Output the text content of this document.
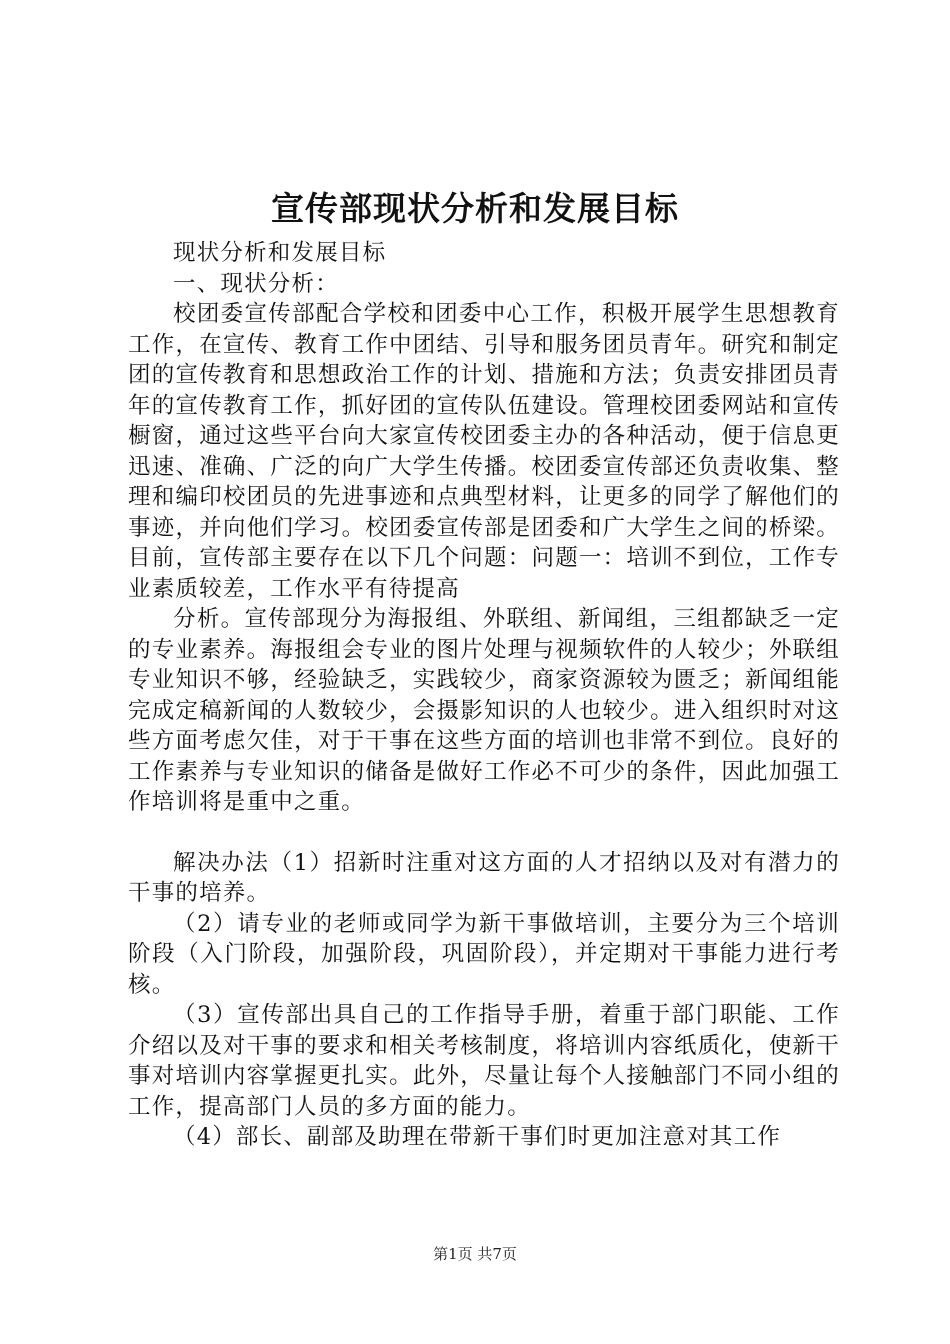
宣传部现状分析和发展目标

现状分析和发展目标

一、现状分析：

校团委宣传部配合学校和团委中心工作，积极开展学生思想教育工作，在宣传、教育工作中团结、引导和服务团员青年。研究和制定团的宣传教育和思想政治工作的计划、措施和方法；负责安排团员青年的宣传教育工作，抓好团的宣传队伍建设。管理校团委网站和宣传橱窗，通过这些平台向大家宣传校团委主办的各种活动，便于信息更迅速、准确、广泛的向广大学生传播。校团委宣传部还负责收集、整理和编印校团员的先进事迹和点典型材料，让更多的同学了解他们的事迹，并向他们学习。校团委宣传部是团委和广大学生之间的桥梁。目前，宣传部主要存在以下几个问题：问题一：培训不到位，工作专业素质较差，工作水平有待提高

分析。宣传部现分为海报组、外联组、新闻组，三组都缺乏一定的专业素养。海报组会专业的图片处理与视频软件的人较少；外联组专业知识不够，经验缺乏，实践较少，商家资源较为匮乏；新闻组能完成定稿新闻的人数较少，会摄影知识的人也较少。进入组织时对这些方面考虑欠佳，对于干事在这些方面的培训也非常不到位。良好的工作素养与专业知识的储备是做好工作必不可少的条件，因此加强工作培训将是重中之重。

解决办法（1）招新时注重对这方面的人才招纳以及对有潜力的干事的培养。

（2）请专业的老师或同学为新干事做培训，主要分为三个培训阶段（入门阶段，加强阶段，巩固阶段），并定期对干事能力进行考核。

（3）宣传部出具自己的工作指导手册，着重于部门职能、工作介绍以及对干事的要求和相关考核制度，将培训内容纸质化，使新干事对培训内容掌握更扎实。此外，尽量让每个人接触部门不同小组的工作，提高部门人员的多方面的能力。

（4）部长、副部及助理在带新干事们时更加注意对其工作

第1页 共7页
